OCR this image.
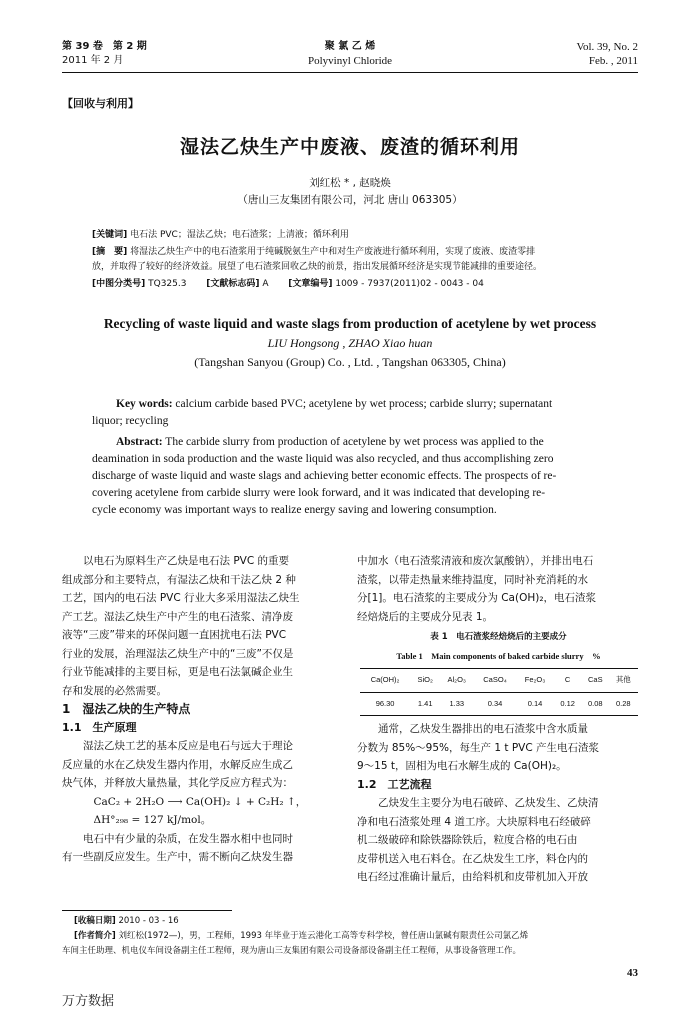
第 39 卷　第 2 期
2011 年 2 月
聚 氯 乙 烯
Polyvinyl Chloride
Vol. 39, No. 2
Feb. , 2011
【回收与利用】
湿法乙炔生产中废液、废渣的循环利用
刘红松 * , 赵晓焕
（唐山三友集团有限公司，河北 唐山 063305）
[关键词] 电石法 PVC；湿法乙炔；电石渣浆；上清液；循环利用
[摘　要] 将湿法乙炔生产中的电石渣浆用于纯碱脱氨生产中和对生产废液进行循环利用，实现了废液、废渣零排
放，并取得了较好的经济效益。展望了电石渣浆回收乙炔的前景，指出发展循环经济是实现节能减排的重要途径。
[中图分类号] TQ325.3 [文献标志码] A [文章编号] 1009 - 7937(2011)02 - 0043 - 04
Recycling of waste liquid and waste slags from production of acetylene by wet process
LIU Hongsong , ZHAO Xiao huan
(Tangshan Sanyou (Group) Co. , Ltd. , Tangshan 063305, China)
Key words: calcium carbide based PVC; acetylene by wet process; carbide slurry; supernatant
liquor; recycling
Abstract: The carbide slurry from production of acetylene by wet process was applied to the
deamination in soda production and the waste liquid was also recycled, and thus accomplishing zero
discharge of waste liquid and waste slags and achieving better economic effects. The prospects of re-
covering acetylene from carbide slurry were look forward, and it was indicated that developing re-
cycle economy was important ways to realize energy saving and lowering consumption.

以电石为原料生产乙炔是电石法 PVC 的重要

组成部分和主要特点，有湿法乙炔和干法乙炔 2 种

工艺，国内的电石法 PVC 行业大多采用湿法乙炔生

产工艺。湿法乙炔生产中产生的电石渣浆、清净废

液等“三废”带来的环保问题一直困扰电石法 PVC

行业的发展，治理湿法乙炔生产中的“三废”不仅是

行业节能减排的主要目标，更是电石法氯碱企业生

存和发展的必然需要。

1　湿法乙炔的生产特点

1.1　生产原理

湿法乙炔工艺的基本反应是电石与远大于理论

反应量的水在乙炔发生器内作用，水解反应生成乙

炔气体，并释放大量热量，其化学反应方程式为：

CaC₂ + 2H₂O ⟶ Ca(OH)₂ ↓ + C₂H₂ ↑，

ΔH°₂₉₈ = 127 kJ/mol。

电石中有少量的杂质，在发生器水相中也同时

有一些副反应发生。生产中，需不断向乙炔发生器

中加水（电石渣浆清液和废次氯酸钠），并排出电石

渣浆，以带走热量来维持温度，同时补充消耗的水

分[1]。电石渣浆的主要成分为 Ca(OH)₂，电石渣浆

经焙烧后的主要成分见表 1。

表 1　电石渣浆经焙烧后的主要成分
Table 1　Main components of baked carbide slurry　%
Ca(OH)₂	SiO₂	Al₂O₃	CaSO₄	Fe₂O₃	C	CaS	其他
96.30	1.41	1.33	0.34	0.14	0.12	0.08	0.28

通常，乙炔发生器排出的电石渣浆中含水质量

分数为 85%～95%，每生产 1 t PVC 产生电石渣浆

9～15 t，固相为电石水解生成的 Ca(OH)₂。

1.2　工艺流程

乙炔发生主要分为电石破碎、乙炔发生、乙炔清

净和电石渣浆处理 4 道工序。大块原料电石经破碎

机二级破碎和除铁器除铁后，粒度合格的电石由

皮带机送入电石料仓。在乙炔发生工序，料仓内的

电石经过准确计量后，由给料机和皮带机加入开放

[收稿日期] 2010 - 03 - 16
[作者简介] 刘红松(1972—)，男，工程师，1993 年毕业于连云港化工高等专科学校，曾任唐山氯碱有限责任公司氯乙烯
车间主任助理、机电仪车间设备副主任工程师，现为唐山三友集团有限公司设备部设备副主任工程师，从事设备管理工作。
43
万方数据
